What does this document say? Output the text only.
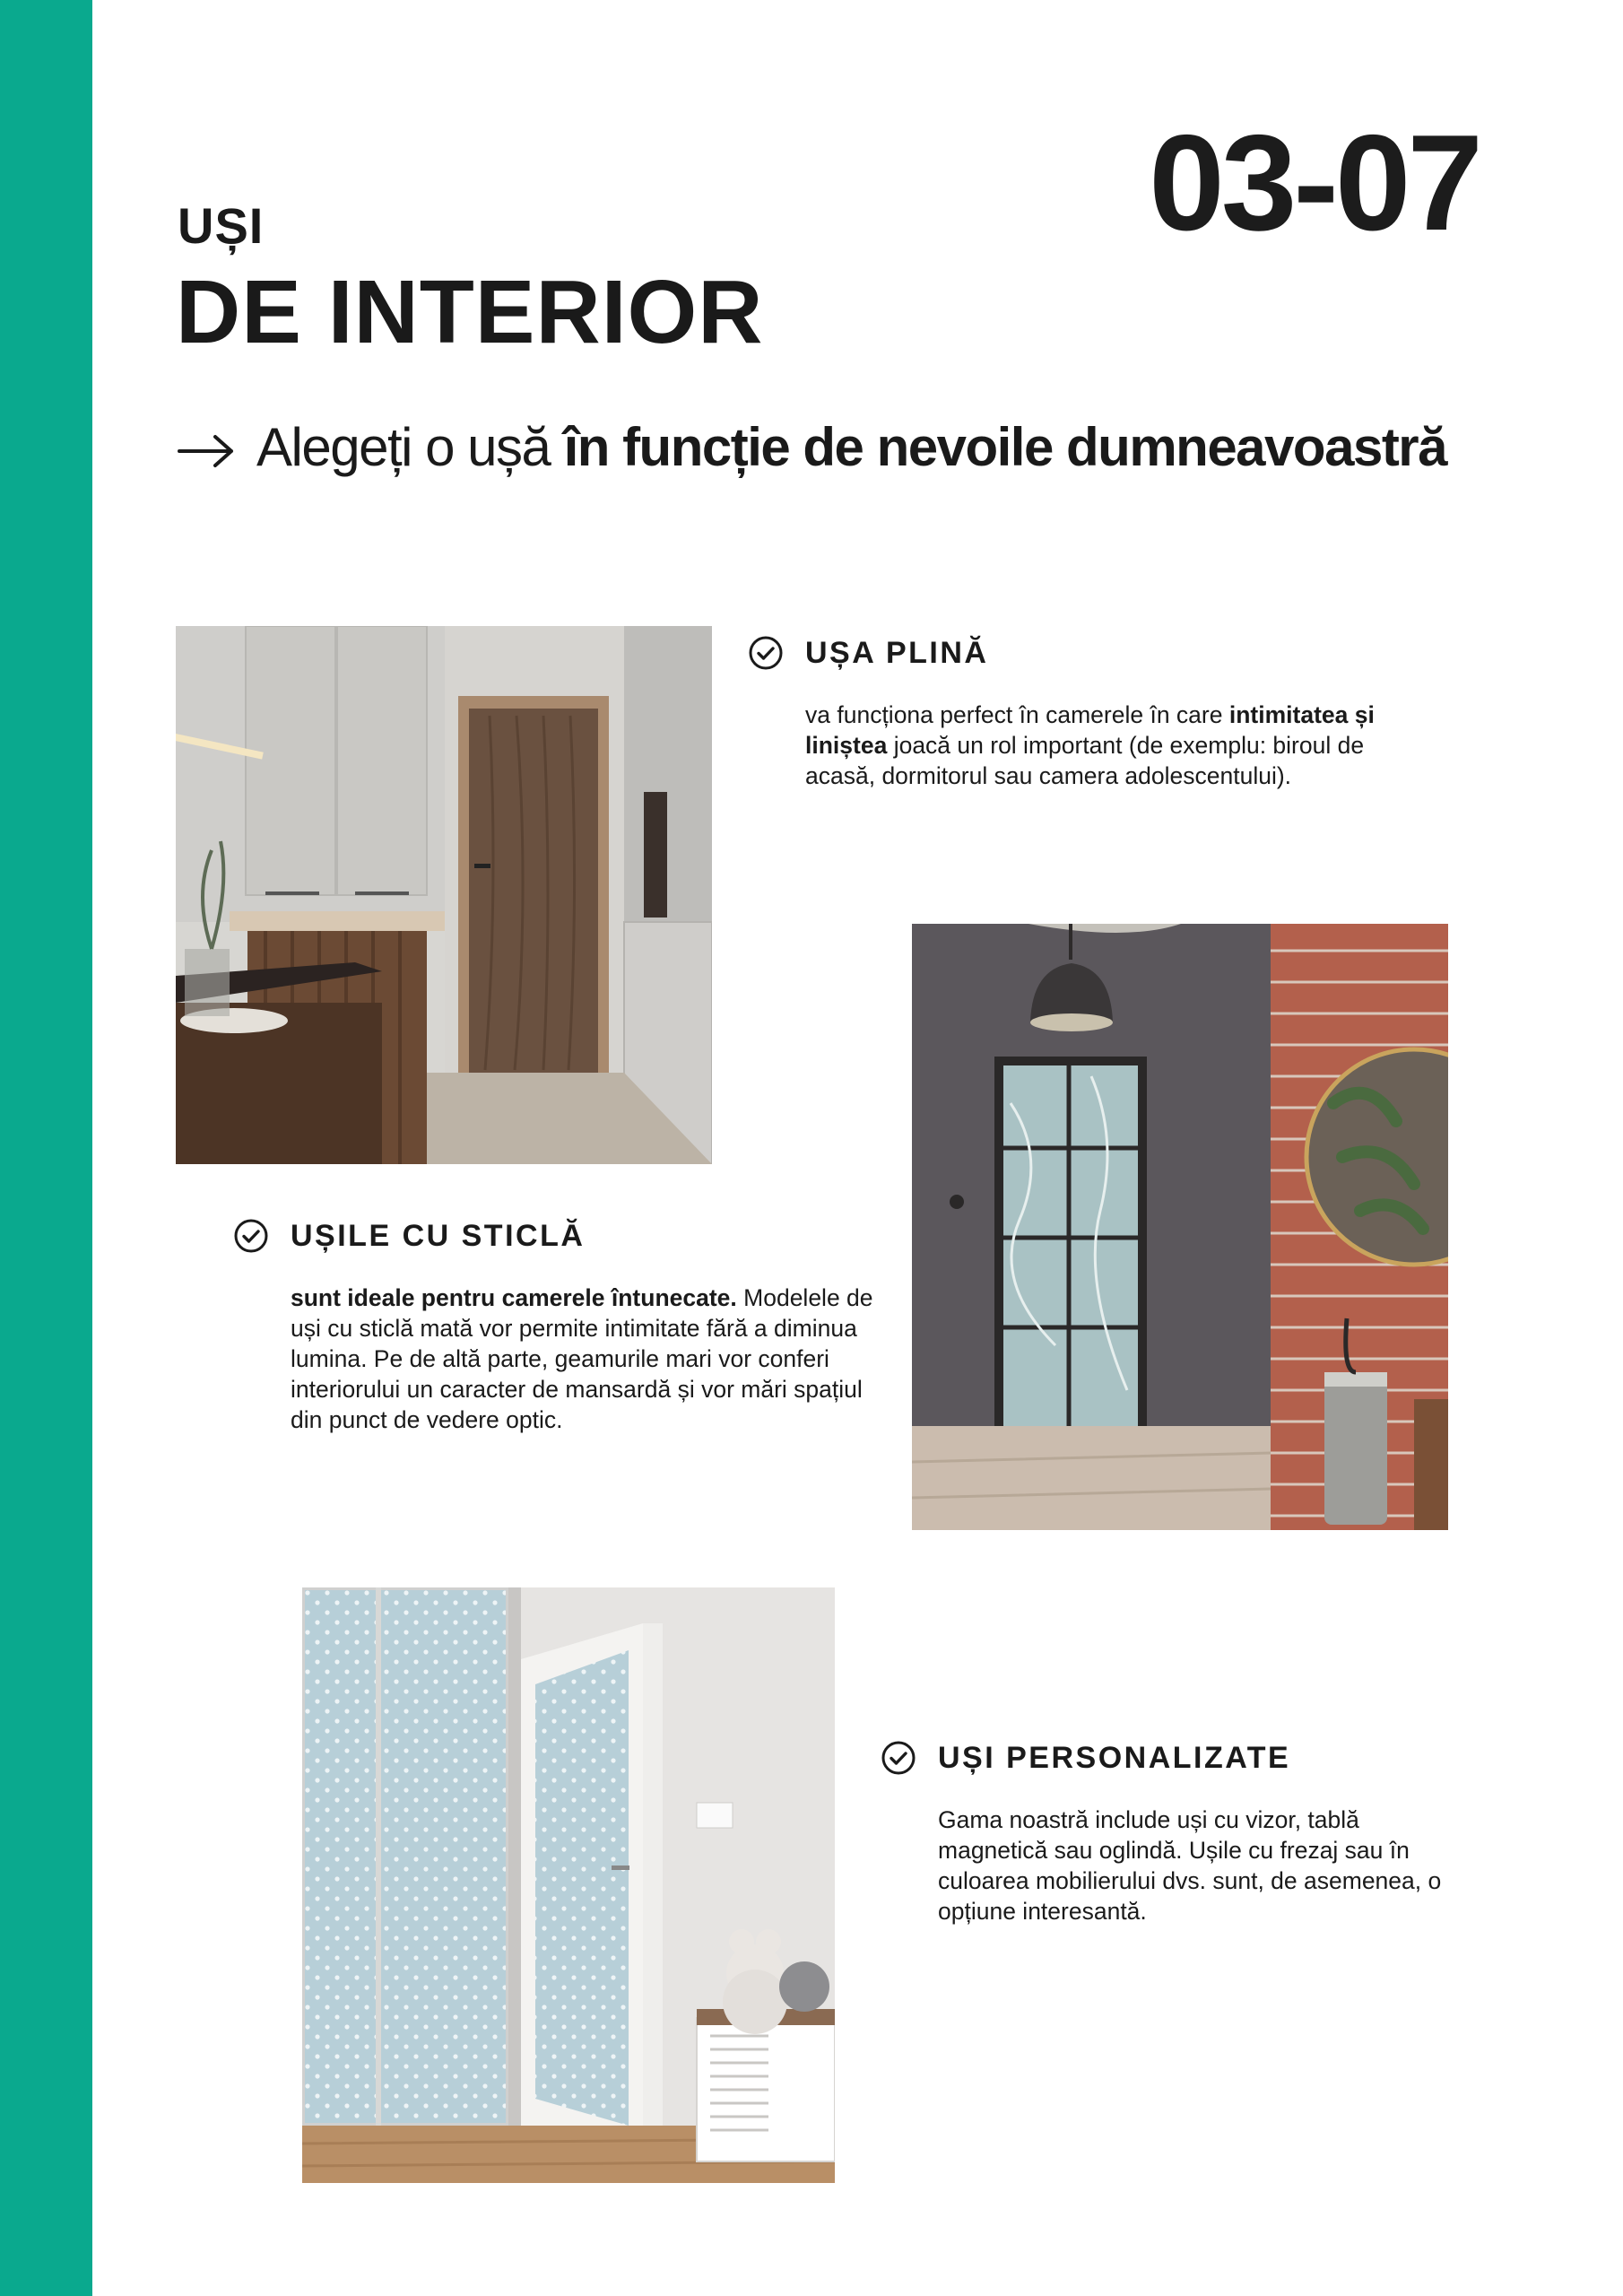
03-07
UȘI
DE INTERIOR
Alegeți o ușă în funcție de nevoile dumneavoastră
UȘA PLINĂ
va funcționa perfect în camerele în care intimitatea și liniștea joacă un rol important (de exemplu: biroul de acasă, dormitorul sau camera adolescentului).
UȘILE CU STICLĂ
sunt ideale pentru camerele întunecate. Modelele de uși cu sticlă mată vor permite intimitate fără a diminua lumina. Pe de altă parte, geamurile mari vor conferi interiorului un caracter de mansardă și vor mări spațiul din punct de vedere optic.
UȘI PERSONALIZATE
Gama noastră include uși cu vizor, tablă magnetică sau oglindă. Ușile cu frezaj sau în culoarea mobilierului dvs. sunt, de asemenea, o opțiune interesantă.
